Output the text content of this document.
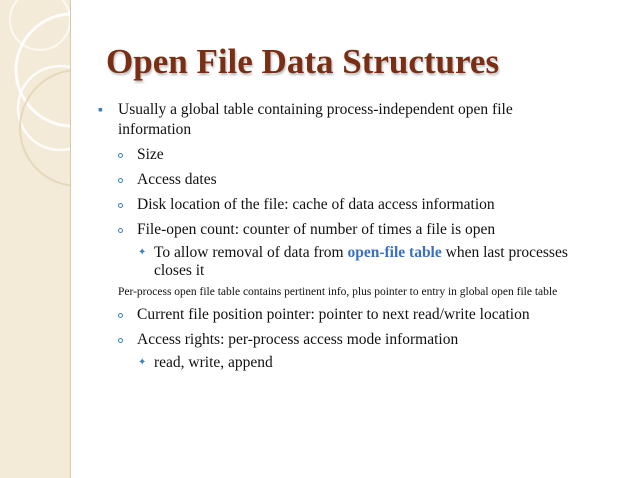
Open File Data Structures
▪ Usually a global table containing process-independent open file
information
Size
Access dates
Disk location of the file: cache of data access information
File-open count: counter of number of times a file is open
✦ To allow removal of data from open-file table when last processes
closes it
Per-process open file table contains pertinent info, plus pointer to entry in global open file table
Current file position pointer: pointer to next read/write location
Access rights: per-process access mode information
✦ read, write, append
